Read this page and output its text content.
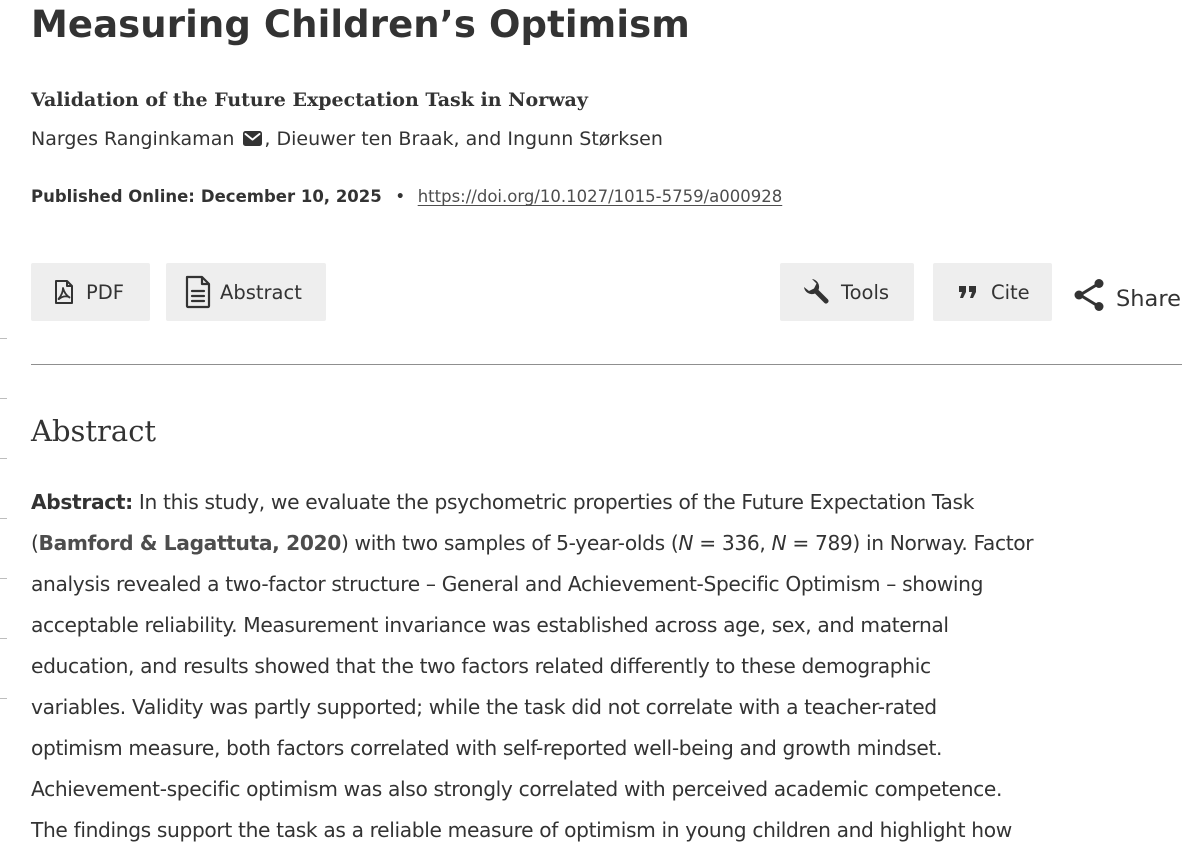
Measuring Children’s Optimism
Validation of the Future Expectation Task in Norway
Narges Ranginkaman , Dieuwer ten Braak, and Ingunn Størksen
Published Online: December 10, 2025 • https://doi.org/10.1027/1015-5759/a000928
PDF	Abstract	Tools	Cite	Share
Abstract
Abstract: In this study, we evaluate the psychometric properties of the Future Expectation Task
(Bamford & Lagattuta, 2020) with two samples of 5-year-olds (N = 336, N = 789) in Norway. Factor
analysis revealed a two-factor structure – General and Achievement-Specific Optimism – showing
acceptable reliability. Measurement invariance was established across age, sex, and maternal
education, and results showed that the two factors related differently to these demographic
variables. Validity was partly supported; while the task did not correlate with a teacher-rated
optimism measure, both factors correlated with self-reported well-being and growth mindset.
Achievement-specific optimism was also strongly correlated with perceived academic competence.
The findings support the task as a reliable measure of optimism in young children and highlight how
